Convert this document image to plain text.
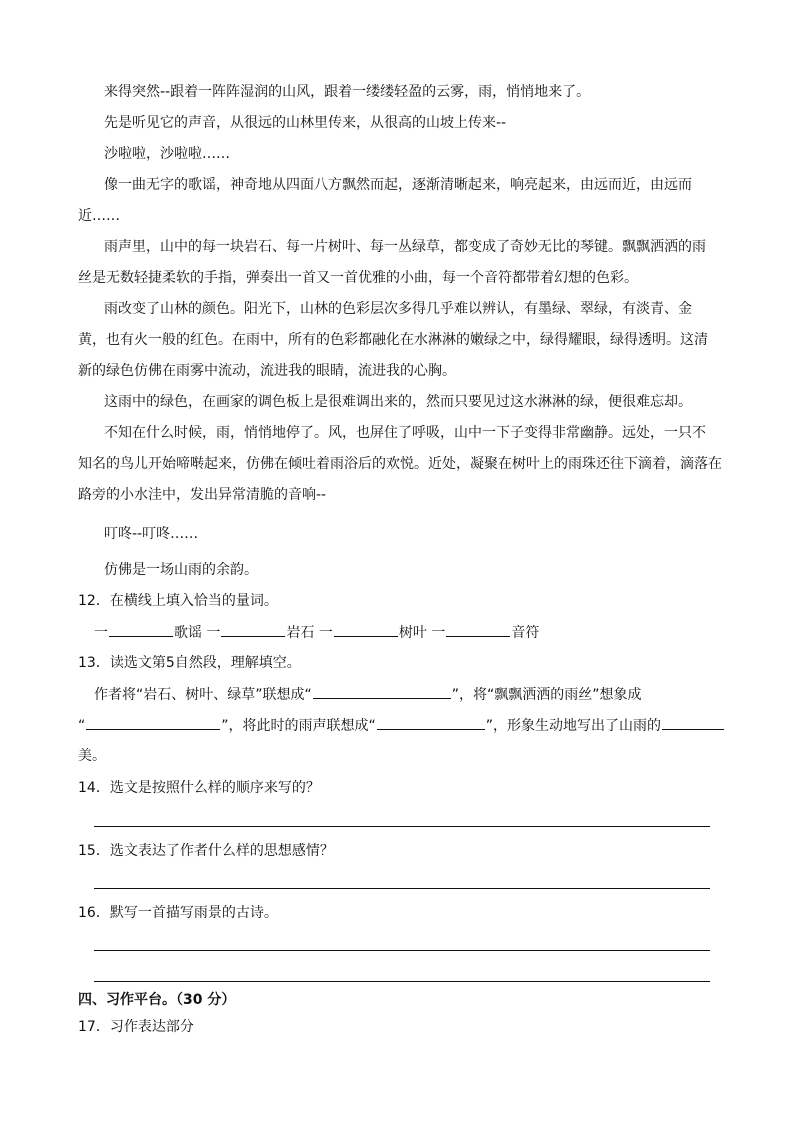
来得突然--跟着一阵阵湿润的山风，跟着一缕缕轻盈的云雾，雨，悄悄地来了。
先是听见它的声音，从很远的山林里传来，从很高的山坡上传来--
沙啦啦，沙啦啦……
像一曲无字的歌谣，神奇地从四面八方飘然而起，逐渐清晰起来，响亮起来，由远而近，由远而
近……
雨声里，山中的每一块岩石、每一片树叶、每一丛绿草，都变成了奇妙无比的琴键。飘飘洒洒的雨
丝是无数轻捷柔软的手指，弹奏出一首又一首优雅的小曲，每一个音符都带着幻想的色彩。
雨改变了山林的颜色。阳光下，山林的色彩层次多得几乎难以辨认，有墨绿、翠绿，有淡青、金
黄，也有火一般的红色。在雨中，所有的色彩都融化在水淋淋的嫩绿之中，绿得耀眼，绿得透明。这清
新的绿色仿佛在雨雾中流动，流进我的眼睛，流进我的心胸。
这雨中的绿色，在画家的调色板上是很难调出来的，然而只要见过这水淋淋的绿，便很难忘却。
不知在什么时候，雨，悄悄地停了。风，也屏住了呼吸，山中一下子变得非常幽静。远处，一只不
知名的鸟儿开始啼啭起来，仿佛在倾吐着雨浴后的欢悦。近处，凝聚在树叶上的雨珠还往下滴着，滴落在
路旁的小水洼中，发出异常清脆的音响--
叮咚--叮咚……
仿佛是一场山雨的余韵。
12．在横线上填入恰当的量词。
一	歌谣 一	岩石 一	树叶 一	音符
13．读选文第5自然段，理解填空。
作者将“岩石、树叶、绿草”联想成“	”，将“飘飘洒洒的雨丝”想象成
“	”，将此时的雨声联想成“	”，形象生动地写出了山雨的
美。
14．选文是按照什么样的顺序来写的？
15．选文表达了作者什么样的思想感情？
16．默写一首描写雨景的古诗。
四、习作平台。（30 分）
17．习作表达部分
